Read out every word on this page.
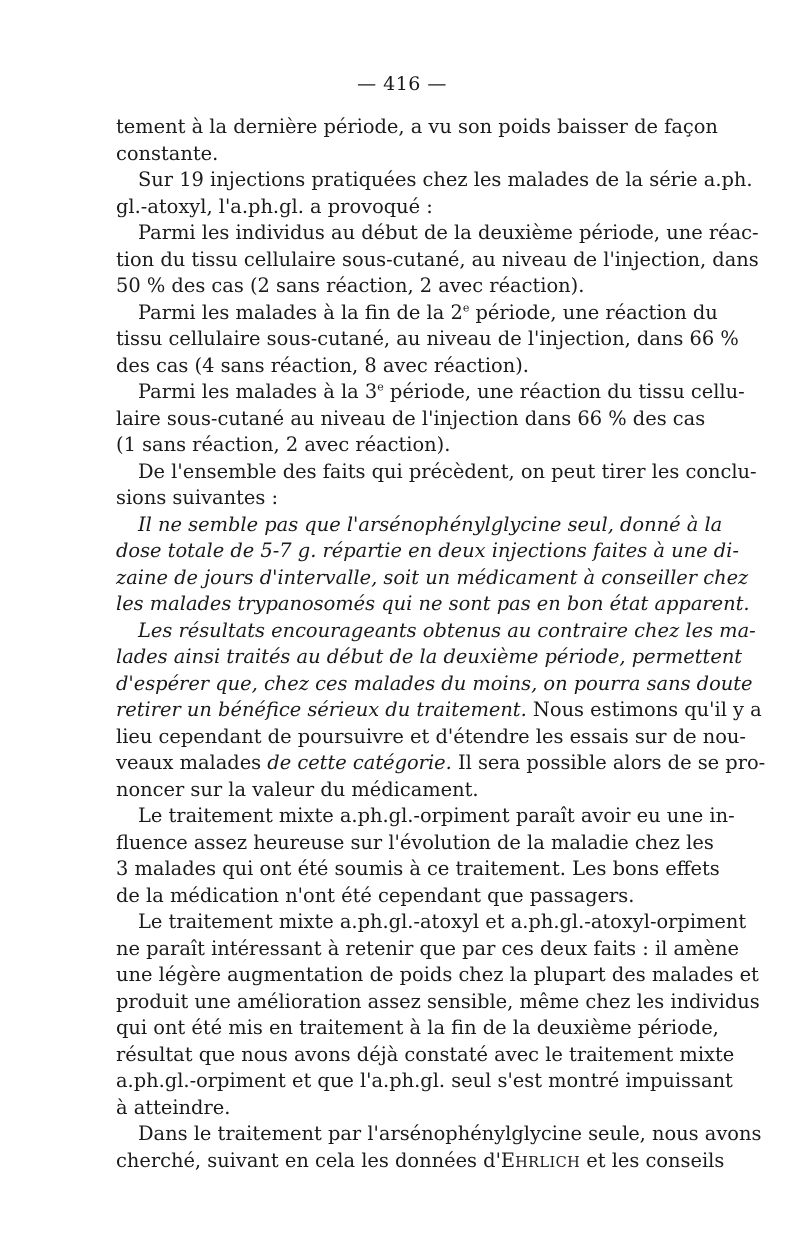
— 416 —
tement à la dernière période, a vu son poids baisser de façon
constante.
Sur 19 injections pratiquées chez les malades de la série a.ph.
gl.-atoxyl, l'a.ph.gl. a provoqué :
Parmi les individus au début de la deuxième période, une réac-
tion du tissu cellulaire sous-cutané, au niveau de l'injection, dans
50 % des cas (2 sans réaction, 2 avec réaction).
Parmi les malades à la fin de la 2e période, une réaction du
tissu cellulaire sous-cutané, au niveau de l'injection, dans 66 %
des cas (4 sans réaction, 8 avec réaction).
Parmi les malades à la 3e période, une réaction du tissu cellu-
laire sous-cutané au niveau de l'injection dans 66 % des cas
(1 sans réaction, 2 avec réaction).
De l'ensemble des faits qui précèdent, on peut tirer les conclu-
sions suivantes :
Il ne semble pas que l'arsénophénylglycine seul, donné à la
dose totale de 5-7 g. répartie en deux injections faites à une di-
zaine de jours d'intervalle, soit un médicament à conseiller chez
les malades trypanosomés qui ne sont pas en bon état apparent.
Les résultats encourageants obtenus au contraire chez les ma-
lades ainsi traités au début de la deuxième période, permettent
d'espérer que, chez ces malades du moins, on pourra sans doute
retirer un bénéfice sérieux du traitement. Nous estimons qu'il y a
lieu cependant de poursuivre et d'étendre les essais sur de nou-
veaux malades de cette catégorie. Il sera possible alors de se pro-
noncer sur la valeur du médicament.
Le traitement mixte a.ph.gl.-orpiment paraît avoir eu une in-
fluence assez heureuse sur l'évolution de la maladie chez les
3 malades qui ont été soumis à ce traitement. Les bons effets
de la médication n'ont été cependant que passagers.
Le traitement mixte a.ph.gl.-atoxyl et a.ph.gl.-atoxyl-orpiment
ne paraît intéressant à retenir que par ces deux faits : il amène
une légère augmentation de poids chez la plupart des malades et
produit une amélioration assez sensible, même chez les individus
qui ont été mis en traitement à la fin de la deuxième période,
résultat que nous avons déjà constaté avec le traitement mixte
a.ph.gl.-orpiment et que l'a.ph.gl. seul s'est montré impuissant
à atteindre.
Dans le traitement par l'arsénophénylglycine seule, nous avons
cherché, suivant en cela les données d'EHRLICH et les conseils
